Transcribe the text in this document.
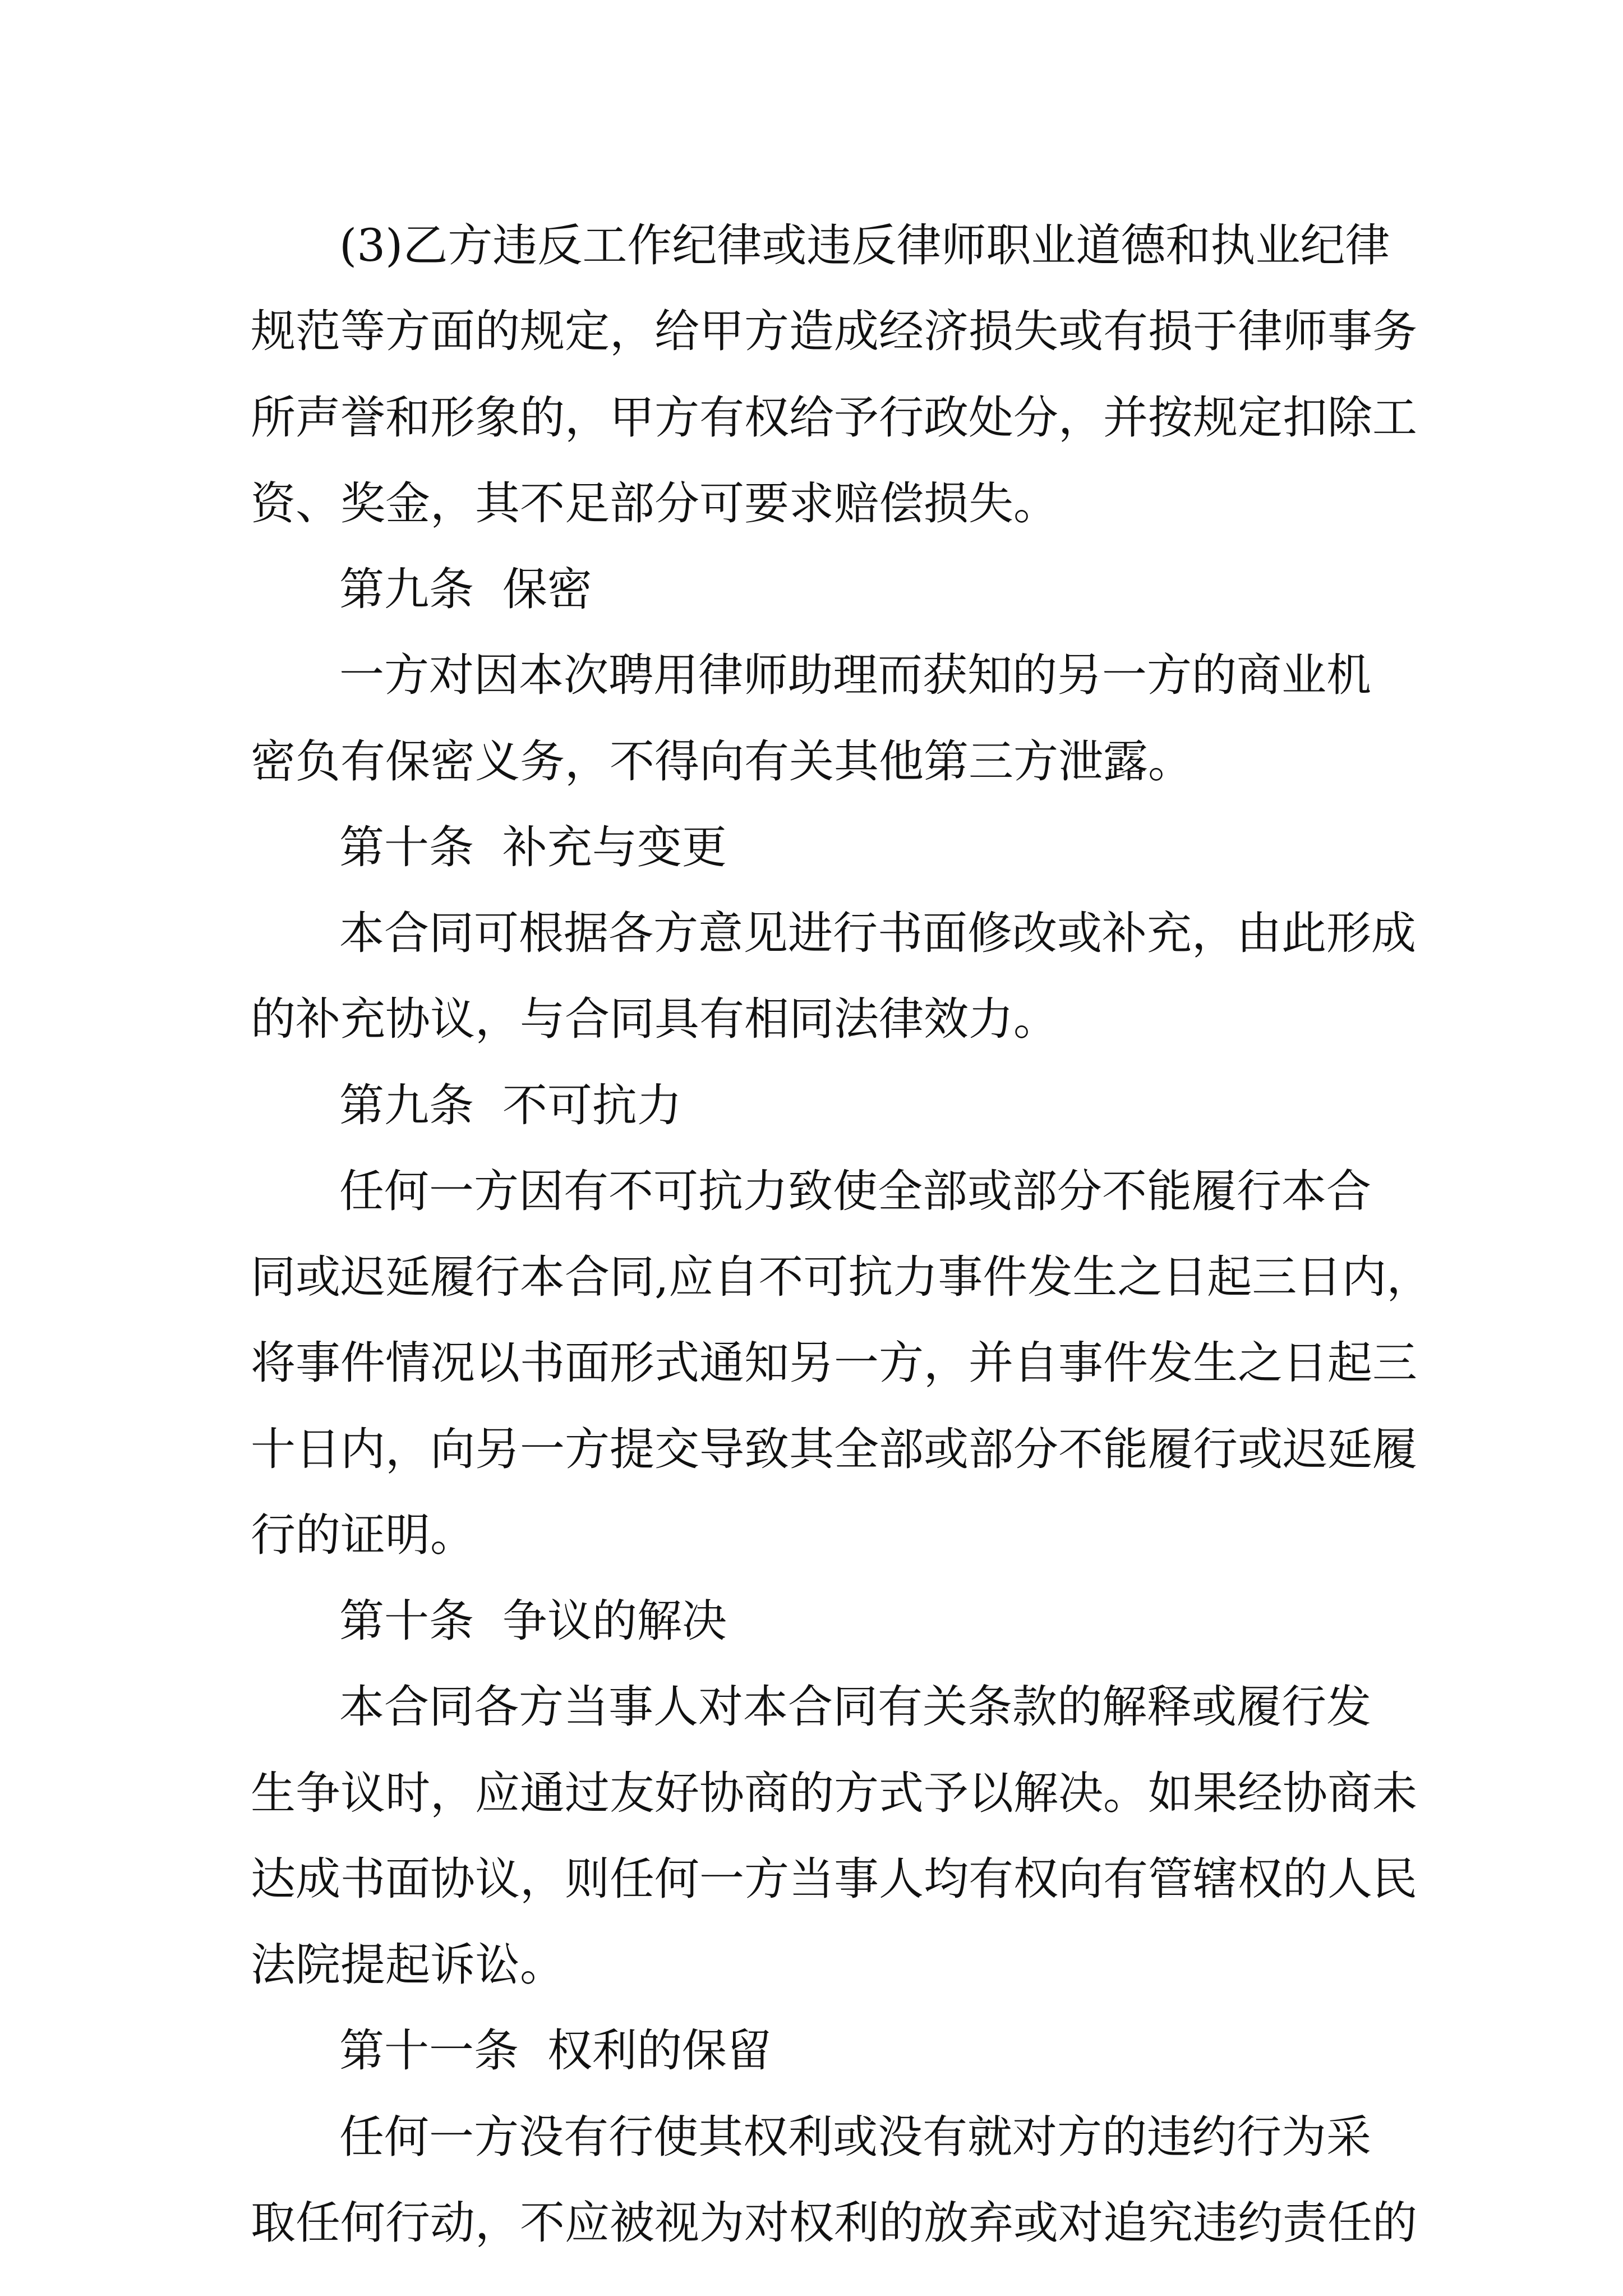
(3)乙方违反工作纪律或违反律师职业道德和执业纪律
规范等方面的规定，给甲方造成经济损失或有损于律师事务
所声誉和形象的，甲方有权给予行政处分，并按规定扣除工
资、奖金，其不足部分可要求赔偿损失。
第九条  保密
一方对因本次聘用律师助理而获知的另一方的商业机
密负有保密义务，不得向有关其他第三方泄露。
第十条  补充与变更
本合同可根据各方意见进行书面修改或补充，由此形成
的补充协议，与合同具有相同法律效力。
第九条  不可抗力
任何一方因有不可抗力致使全部或部分不能履行本合
同或迟延履行本合同,应自不可抗力事件发生之日起三日内，
将事件情况以书面形式通知另一方，并自事件发生之日起三
十日内，向另一方提交导致其全部或部分不能履行或迟延履
行的证明。
第十条  争议的解决
本合同各方当事人对本合同有关条款的解释或履行发
生争议时，应通过友好协商的方式予以解决。如果经协商未
达成书面协议，则任何一方当事人均有权向有管辖权的人民
法院提起诉讼。
第十一条  权利的保留
任何一方没有行使其权利或没有就对方的违约行为采
取任何行动，不应被视为对权利的放弃或对追究违约责任的
